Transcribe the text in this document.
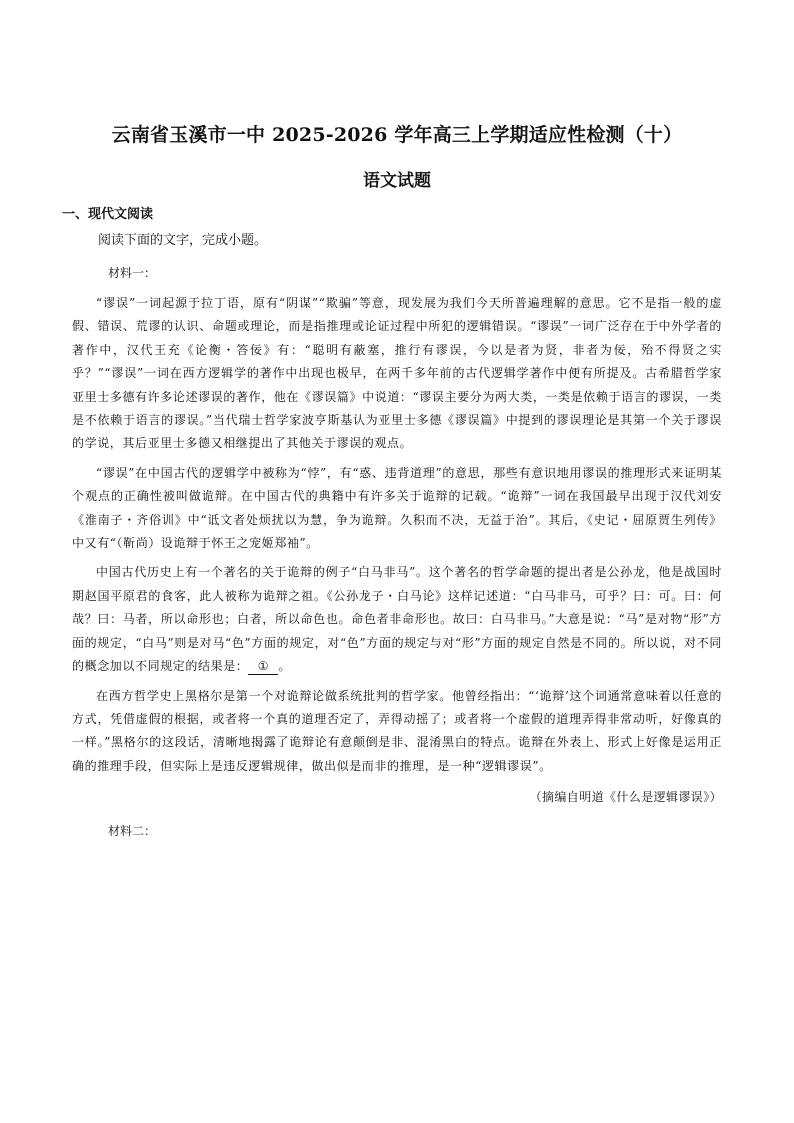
云南省玉溪市一中 2025-2026 学年高三上学期适应性检测（十）
语文试题

一、现代文阅读

阅读下面的文字，完成小题。

材料一：

“谬误”一词起源于拉丁语，原有“阴谋”“欺骗”等意，现发展为我们今天所普遍理解的意思。它不是指一般的虚假、错误、荒谬的认识、命题或理论，而是指推理或论证过程中所犯的逻辑错误。“谬误”一词广泛存在于中外学者的著作中，汉代王充《论衡・答佞》有：“聪明有蔽塞，推行有谬误，今以是者为贤，非者为佞，殆不得贤之实乎？”“谬误”一词在西方逻辑学的著作中出现也极早，在两千多年前的古代逻辑学著作中便有所提及。古希腊哲学家亚里士多德有许多论述谬误的著作，他在《谬误篇》中说道：“谬误主要分为两大类，一类是依赖于语言的谬误，一类是不依赖于语言的谬误。”当代瑞士哲学家波亨斯基认为亚里士多德《谬误篇》中提到的谬误理论是其第一个关于谬误的学说，其后亚里士多德又相继提出了其他关于谬误的观点。

“谬误”在中国古代的逻辑学中被称为“悖”，有“惑、违背道理”的意思，那些有意识地用谬误的推理形式来证明某个观点的正确性被叫做诡辩。在中国古代的典籍中有许多关于诡辩的记载。“诡辩”一词在我国最早出现于汉代刘安《淮南子・齐俗训》中“诋文者处烦扰以为慧，争为诡辩。久积而不决，无益于治”。其后，《史记・屈原贾生列传》中又有“（靳尚）设诡辩于怀王之宠姬郑袖”。

中国古代历史上有一个著名的关于诡辩的例子“白马非马”。这个著名的哲学命题的提出者是公孙龙，他是战国时期赵国平原君的食客，此人被称为诡辩之祖。《公孙龙子・白马论》这样记述道：“白马非马，可乎？曰：可。曰：何哉？曰：马者，所以命形也；白者，所以命色也。命色者非命形也。故曰：白马非马。”大意是说：“马”是对物“形”方面的规定，“白马”则是对马“色”方面的规定，对“色”方面的规定与对“形”方面的规定自然是不同的。所以说，对不同的概念加以不同规定的结果是： ① 。

在西方哲学史上黑格尔是第一个对诡辩论做系统批判的哲学家。他曾经指出：“‘诡辩’这个词通常意味着以任意的方式，凭借虚假的根据，或者将一个真的道理否定了，弄得动摇了；或者将一个虚假的道理弄得非常动听，好像真的一样。”黑格尔的这段话，清晰地揭露了诡辩论有意颠倒是非、混淆黑白的特点。诡辩在外表上、形式上好像是运用正确的推理手段，但实际上是违反逻辑规律，做出似是而非的推理，是一种“逻辑谬误”。

（摘编自明道《什么是逻辑谬误》）

材料二：
